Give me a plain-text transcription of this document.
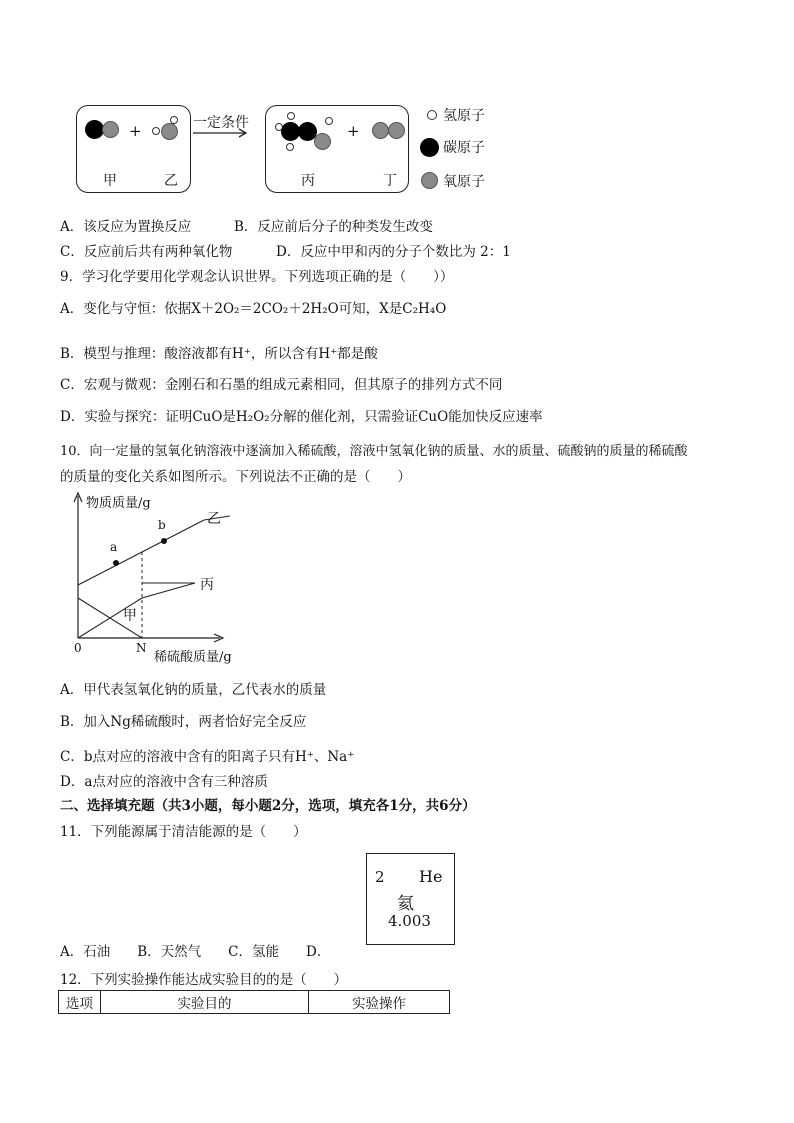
+
甲	乙
一定条件	+
丙	丁
氢原子
碳原子
氧原子
A．该反应为置换反应	B．反应前后分子的种类发生改变
C．反应前后共有两种氧化物	D．反应中甲和丙的分子个数比为 2：1
9．学习化学要用化学观念认识世界。下列选项正确的是（　　））
A．变化与守恒：依据X＋2O₂＝2CO₂＋2H₂O可知，X是C₂H₄O
B．模型与推理：酸溶液都有H⁺，所以含有H⁺都是酸
C．宏观与微观：金刚石和石墨的组成元素相同，但其原子的排列方式不同
D．实验与探究：证明CuO是H₂O₂分解的催化剂，只需验证CuO能加快反应速率
10．向一定量的氢氧化钠溶液中逐滴加入稀硫酸，溶液中氢氧化钠的质量、水的质量、硫酸钠的质量的稀硫酸
的质量的变化关系如图所示。下列说法不正确的是（　　）
物质质量/g
稀硫酸质量/g
0	N
a
b	乙
丙
甲
A．甲代表氢氧化钠的质量，乙代表水的质量
B．加入Ng稀硫酸时，两者恰好完全反应
C．b点对应的溶液中含有的阳离子只有H⁺、Na⁺
D．a点对应的溶液中含有三种溶质
二、选择填充题（共3小题，每小题2分，选项，填充各1分，共6分）
11．下列能源属于清洁能源的是（　　）
2 He
氦
4.003
A．石油　　B．天然气　　C．氢能　　D．
12．下列实验操作能达成实验目的的是（　　）
选项	实验目的	实验操作
